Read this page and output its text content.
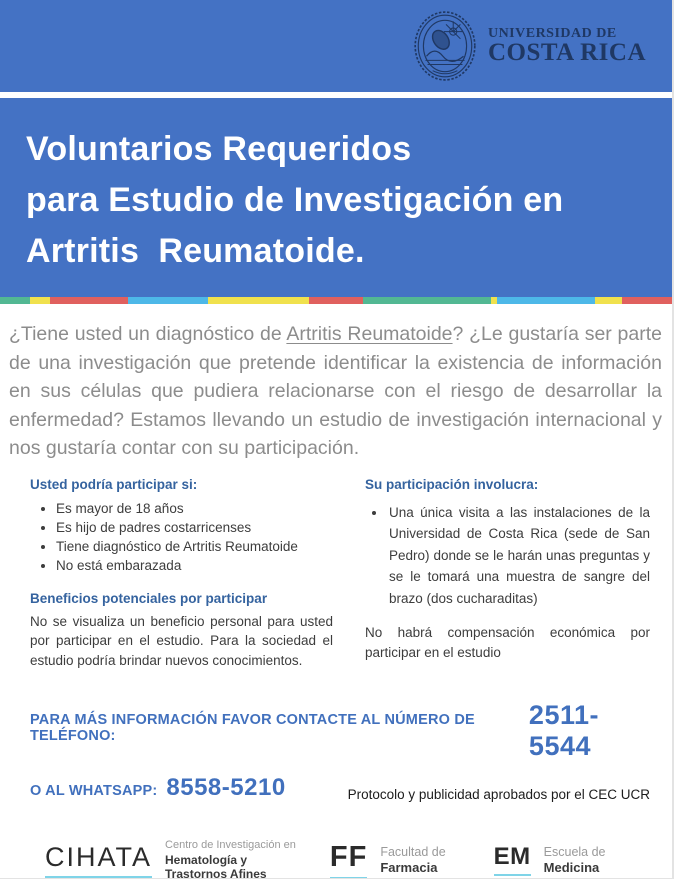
UNIVERSIDAD DE
COSTA RICA
Voluntarios Requeridos
para Estudio de Investigación en
Artritis  Reumatoide.

¿Tiene usted un diagnóstico de Artritis Reumatoide? ¿Le gustaría ser parte de una investigación que pretende identificar la existencia de información en sus células que pudiera relacionarse con el riesgo de desarrollar la enfermedad? Estamos llevando un estudio de investigación internacional y nos gustaría contar con su participación.

Usted podría participar si:
• Es mayor de 18 años
• Es hijo de padres costarricenses
• Tiene diagnóstico de Artritis Reumatoide
• No está embarazada
Beneficios potenciales por participar

No se visualiza un beneficio personal para usted por participar en el estudio. Para la sociedad el estudio podría brindar nuevos conocimientos.

Su participación involucra:
• Una única visita a las instalaciones de la Universidad de Costa Rica (sede de San Pedro) donde se le harán unas preguntas y se le tomará una muestra de sangre del brazo (dos cucharaditas)

No habrá compensación económica por participar en el estudio

PARA MÁS INFORMACIÓN FAVOR CONTACTE AL NÚMERO DE TELÉFONO:
2511-5544
O AL WHATSAPP: 8558-5210	Protocolo y publicidad aprobados por el CEC UCR
CIHATA Centro de Investigación en
Hematología y
Trastornos Afines
FF Facultad de
Farmacia	EM Escuela de
Medicina
